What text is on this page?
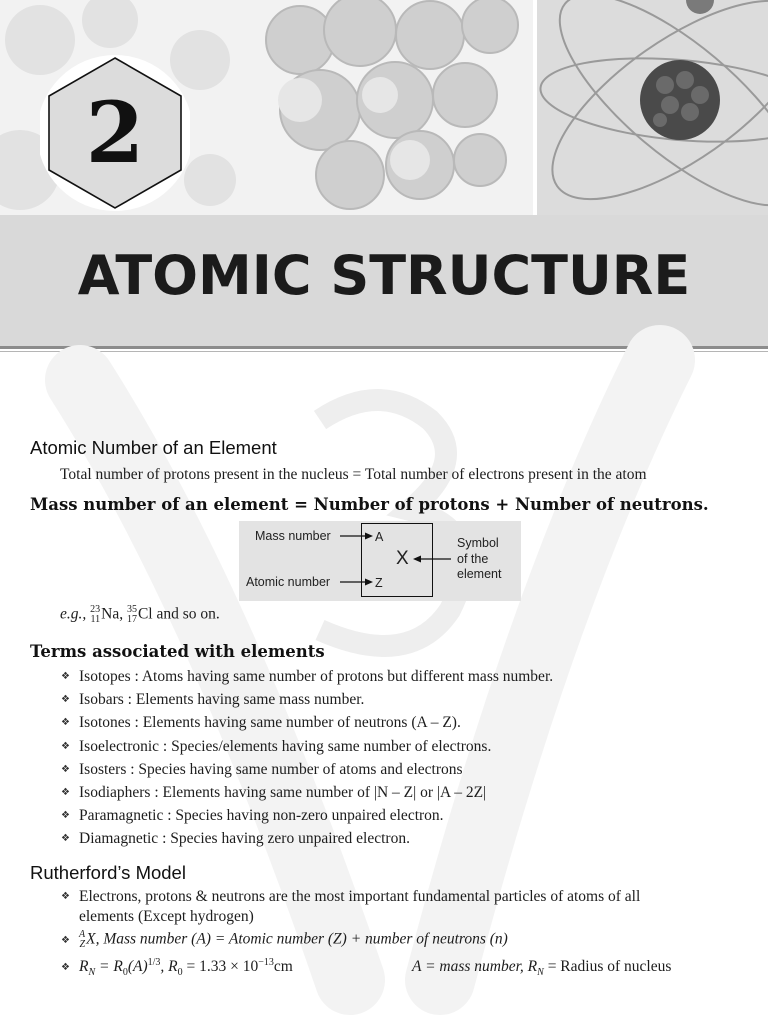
2
ATOMIC STRUCTURE
Atomic Number of an Element
Total number of protons present in the nucleus = Total number of electrons present in the atom
Mass number of an element = Number of protons + Number of neutrons.
Mass number
Atomic number
A
Z
X
Symbol
of the
element
e.g., 23
11 Na, 35
17 Cl and so on.
Terms associated with elements
❖ Isotopes : Atoms having same number of protons but different mass number.
❖ Isobars : Elements having same mass number.
❖ Isotones : Elements having same number of neutrons (A – Z).
❖ Isoelectronic : Species/elements having same number of electrons.
❖ Isosters : Species having same number of atoms and electrons
❖ Isodiaphers : Elements having same number of |N – Z| or |A – 2Z|
❖ Paramagnetic : Species having non-zero unpaired electron.
❖ Diamagnetic : Species having zero unpaired electron.
Rutherford’s Model
❖ Electrons, protons & neutrons are the most important fundamental particles of atoms of all
elements (Except hydrogen)
❖
A
Z X, Mass number (A) = Atomic number (Z) + number of neutrons (n)
❖ $R_N = R_0(A)^{1/3}$, $R_0 = 1.33 \times 10^{-13}cm$	A = mass number, $R_N$ = Radius of nucleus
